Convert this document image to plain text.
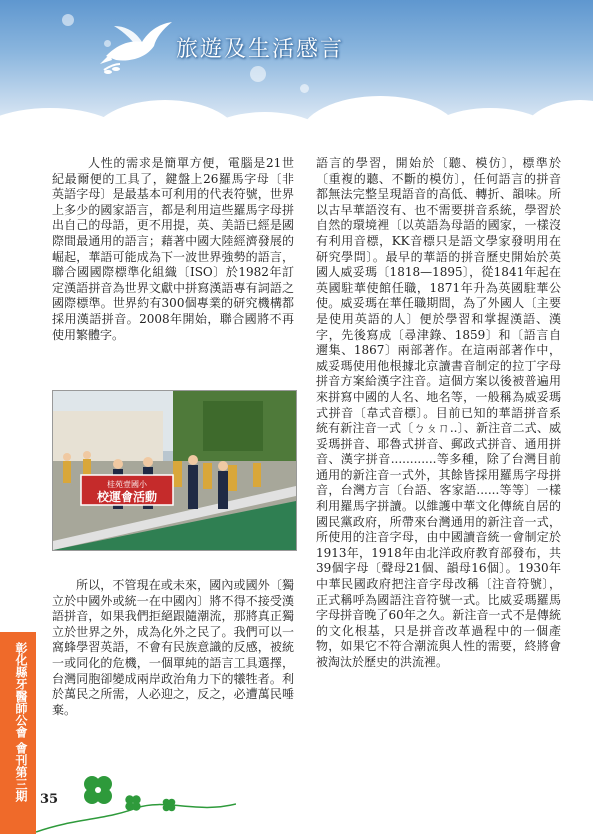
旅遊及生活感言

人性的需求是簡單方便，電腦是21世紀最爾便的工具了，鍵盤上26羅馬字母〔非英語字母〕是最基本可利用的代表符號，世界上多少的國家語言，都是利用這些羅馬字母拼出自己的母語，更不用提，英、美語已經是國際間最通用的語言；藉著中國大陸經濟發展的崛起，華語可能成為下一波世界強勢的語言，聯合國國際標準化組織〔ISO〕於1982年訂定漢語拼音為世界文獻中拼寫漢語專有詞語之國際標準。世界約有300個專業的研究機構都採用漢語拼音。2008年開始，聯合國將不再使用繁體字。

桂苑壹國小
校運會活動

所以，不管現在或未來，國內或國外〔獨立於中國外或統一在中國內〕將不得不接受漢語拼音，如果我們拒絕跟隨潮流，那將真正獨立於世界之外，成為化外之民了。我們可以一窩蜂學習英語，不會有民族意識的反感，被統一或同化的危機，一個單純的語言工具選擇，台灣同胞卻變成兩岸政治角力下的犧牲者。利於萬民之所需，人必迎之，反之，必遭萬民唾棄。

語言的學習，開始於〔聽、模仿〕，標準於〔重複的聽、不斷的模仿〕，任何語言的拼音都無法完整呈現語音的高低、轉折、韻味。所以古早華語沒有、也不需要拼音系統，學習於自然的環境裡〔以英語為母語的國家，一樣沒有利用音標，KK音標只是語文學家發明用在研究學問〕。最早的華語的拼音歷史開始於英國人威妥瑪〔1818—1895〕，從1841年起在英國駐華使館任職，1871年升為英國駐華公使。威妥瑪在華任職期間，為了外國人〔主要是使用英語的人〕便於學習和掌握漢語、漢字，先後寫成〔尋津錄、1859〕和〔語言自邇集、1867〕兩部著作。在這兩部著作中，威妥瑪使用他根據北京讀書音制定的拉丁字母拼音方案給漢字注音。這個方案以後被普遍用來拼寫中國的人名、地名等，一般稱為威妥瑪式拼音〔韋式音標〕。目前已知的華語拼音系統有新注音一式〔ㄅㄆㄇ..〕、新注音二式、威妥瑪拼音、耶魯式拼音、郵政式拼音、通用拼音、漢字拼音............等多種，除了台灣目前通用的新注音一式外，其餘皆採用羅馬字母拼音，台灣方言〔台語、客家語......等等〕一樣利用羅馬字拼讀。以維護中華文化傳統自居的國民黨政府，所帶來台灣通用的新注音一式，所使用的注音字母，由中國讀音統一會制定於1913年，1918年由北洋政府教育部發布，共39個字母〔聲母21個、韻母16個〕。1930年中華民國政府把注音字母改稱〔注音符號〕，正式稱呼為國語注音符號一式。比威妥瑪羅馬字母拼音晚了60年之久。新注音一式不是傳統的文化根基，只是拼音改革過程中的一個產物，如果它不符合潮流與人性的需要，終將會被淘汰於歷史的洪流裡。

彰化縣牙醫師公會 會刊第三期 35
